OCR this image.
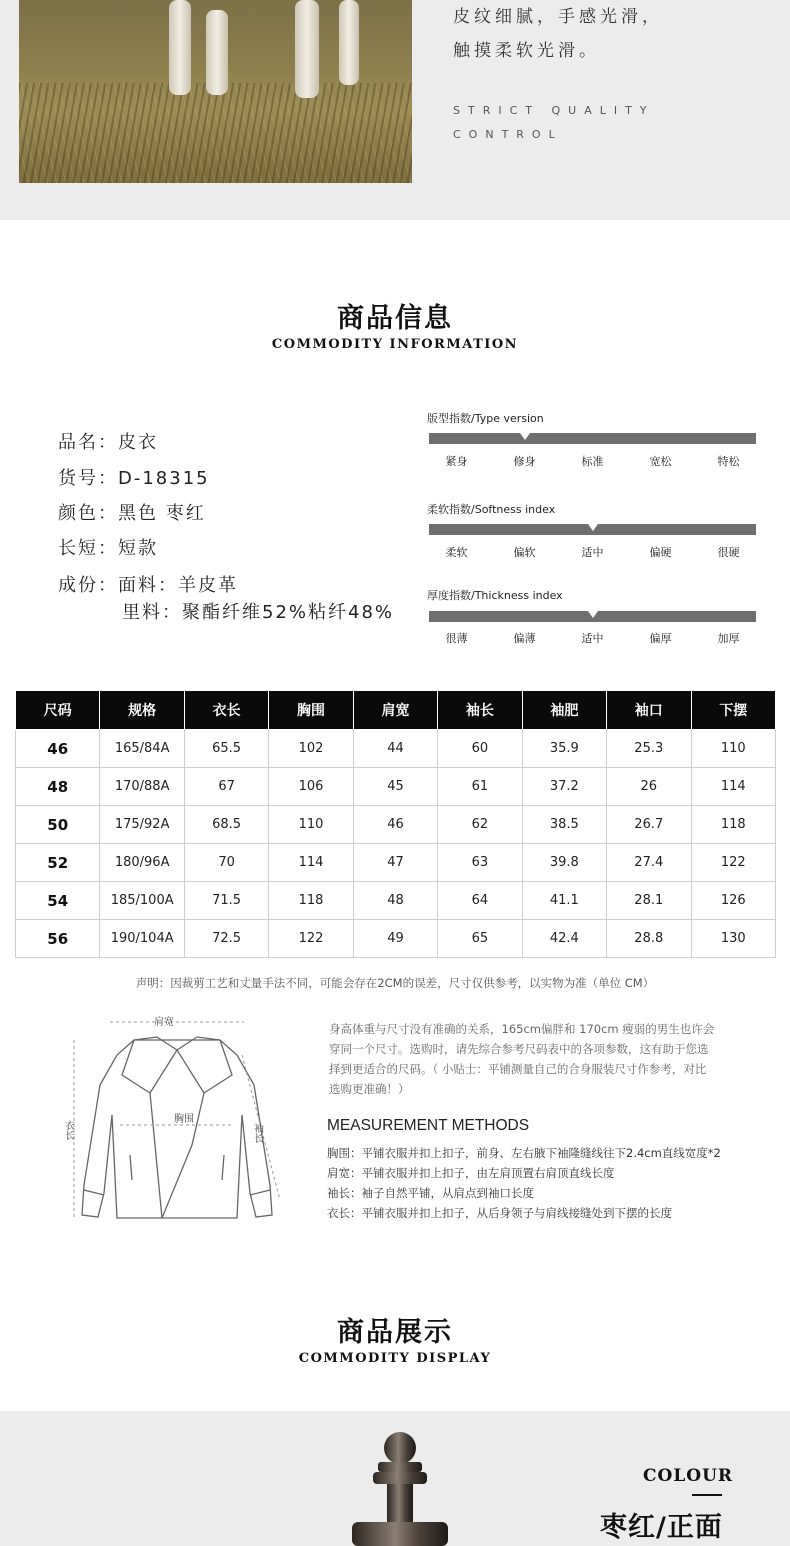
皮纹细腻，手感光滑，
触摸柔软光滑。
STRICT QUALITY
CONTROL
商品信息
COMMODITY INFORMATION
品名：皮衣
货号：D-18315
颜色：黑色 枣红
长短：短款
成份：面料：羊皮革
里料：聚酯纤维52%粘纤48%
版型指数/Type version
紧身	修身	标准	宽松	特松
柔软指数/Softness index
柔软	偏软	适中	偏硬	很硬
厚度指数/Thickness index
很薄	偏薄	适中	偏厚	加厚
尺码	规格	衣长	胸围	肩宽	袖长	袖肥	袖口	下摆
46	165/84A	65.5	102	44	60	35.9	25.3	110
48	170/88A	67	106	45	61	37.2	26	114
50	175/92A	68.5	110	46	62	38.5	26.7	118
52	180/96A	70	114	47	63	39.8	27.4	122
54	185/100A	71.5	118	48	64	41.1	28.1	126
56	190/104A	72.5	122	49	65	42.4	28.8	130
声明：因裁剪工艺和丈量手法不同，可能会存在2CM的误差，尺寸仅供参考，以实物为准（单位 CM）
肩宽
胸围
衣长	袖长
身高体重与尺寸没有准确的关系，165cm偏胖和 170cm 瘦弱的男生也许会
穿同一个尺寸。选购时，请先综合参考尺码表中的各项参数，这有助于您选
择到更适合的尺码。（ 小贴士：平铺测量自己的合身服装尺寸作参考，对比
选购更准确！）
MEASUREMENT METHODS
胸围：平铺衣服并扣上扣子，前身、左右腋下袖隆缝线往下2.4cm直线宽度*2
肩宽：平铺衣服并扣上扣子，由左肩顶置右肩顶直线长度
袖长：袖子自然平铺，从肩点到袖口长度
衣长：平铺衣服并扣上扣子，从后身领子与肩线接缝处到下摆的长度
商品展示
COMMODITY DISPLAY
COLOUR
枣红/正面
